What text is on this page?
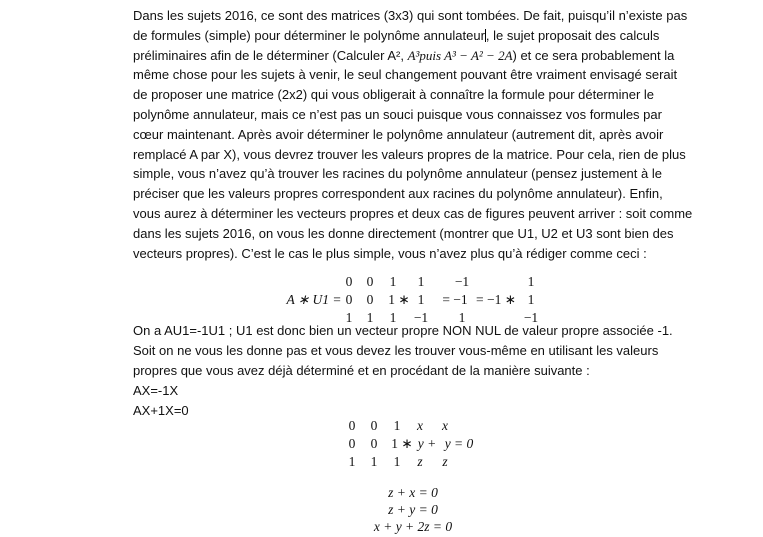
Dans les sujets 2016, ce sont des matrices (3x3) qui sont tombées. De fait, puisqu’il n’existe pas de formules (simple) pour déterminer le polynôme annulateur, le sujet proposait des calculs préliminaires afin de le déterminer (Calculer A², A³puis A³ − A² − 2A) et ce sera probablement la même chose pour les sujets à venir, le seul changement pouvant être vraiment envisagé serait de proposer une matrice (2x2) qui vous obligerait à connaître la formule pour déterminer le polynôme annulateur, mais ce n’est pas un souci puisque vous connaissez vos formules par cœur maintenant. Après avoir déterminer le polynôme annulateur (autrement dit, après avoir remplacé A par X), vous devrez trouver les valeurs propres de la matrice. Pour cela, rien de plus simple, vous n’avez qu’à trouver les racines du polynôme annulateur (pensez justement à le préciser que les valeurs propres correspondent aux racines du polynôme annulateur). Enfin, vous aurez à déterminer les vecteurs propres et deux cas de figures peuvent arriver : soit comme dans les sujets 2016, on vous les donne directement (montrer que U1, U2 et U3 sont bien des vecteurs propres). C’est le cas le plus simple, vous n’avez plus qu’à rédiger comme ceci :

A ∗ U1 =
0 0 1
0 0 1 ∗
1 1 1
1
1
−1
−1
= −1
1
= −1 ∗
1
1
−1
On a AU1=-1U1 ; U1 est donc bien un vecteur propre NON NUL de valeur propre associée -1.
Soit on ne vous les donne pas et vous devez les trouver vous-même en utilisant les valeurs
propres que vous avez déjà déterminé et en procédant de la manière suivante :
AX=-1X
AX+1X=0
0 0 1 x x
0 0 1 ∗ y + y = 0
1 1 1 z z
z + x = 0
z + y = 0
x + y + 2z = 0
